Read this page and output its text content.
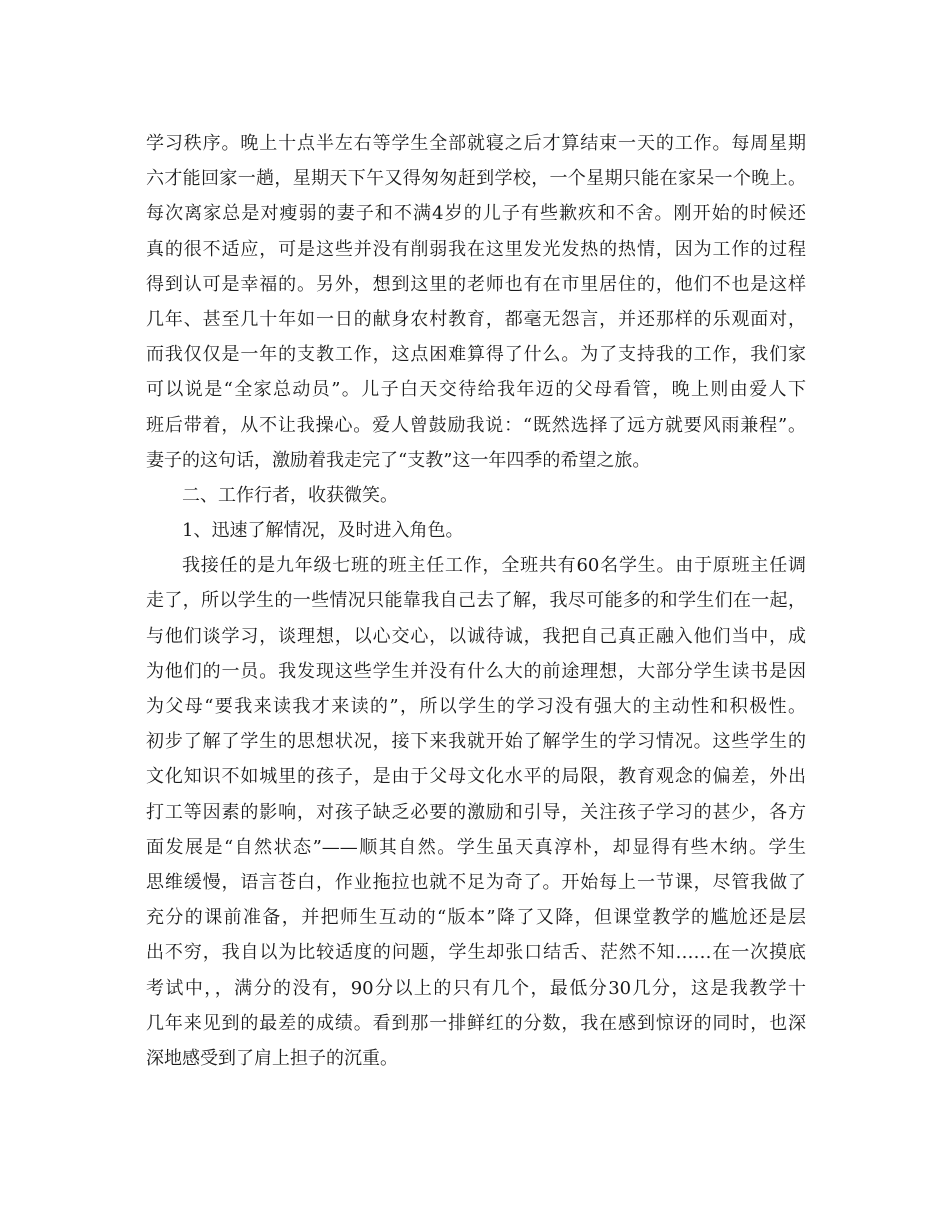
学习秩序。晚上十点半左右等学生全部就寝之后才算结束一天的工作。每周星期
六才能回家一趟，星期天下午又得匆匆赶到学校，一个星期只能在家呆一个晚上。
每次离家总是对瘦弱的妻子和不满4岁的儿子有些歉疚和不舍。刚开始的时候还
真的很不适应，可是这些并没有削弱我在这里发光发热的热情，因为工作的过程
得到认可是幸福的。另外，想到这里的老师也有在市里居住的，他们不也是这样
几年、甚至几十年如一日的献身农村教育，都毫无怨言，并还那样的乐观面对，
而我仅仅是一年的支教工作，这点困难算得了什么。为了支持我的工作，我们家
可以说是“全家总动员”。儿子白天交待给我年迈的父母看管，晚上则由爱人下
班后带着，从不让我操心。爱人曾鼓励我说：“既然选择了远方就要风雨兼程”。
妻子的这句话，激励着我走完了“支教”这一年四季的希望之旅。
二、工作行者，收获微笑。
1、迅速了解情况，及时进入角色。
我接任的是九年级七班的班主任工作，全班共有60名学生。由于原班主任调
走了，所以学生的一些情况只能靠我自己去了解，我尽可能多的和学生们在一起，
与他们谈学习，谈理想，以心交心，以诚待诚，我把自己真正融入他们当中，成
为他们的一员。我发现这些学生并没有什么大的前途理想，大部分学生读书是因
为父母“要我来读我才来读的”，所以学生的学习没有强大的主动性和积极性。
初步了解了学生的思想状况，接下来我就开始了解学生的学习情况。这些学生的
文化知识不如城里的孩子，是由于父母文化水平的局限，教育观念的偏差，外出
打工等因素的影响，对孩子缺乏必要的激励和引导，关注孩子学习的甚少，各方
面发展是“自然状态”——顺其自然。学生虽天真淳朴，却显得有些木纳。学生
思维缓慢，语言苍白，作业拖拉也就不足为奇了。开始每上一节课，尽管我做了
充分的课前准备，并把师生互动的“版本”降了又降，但课堂教学的尴尬还是层
出不穷，我自以为比较适度的问题，学生却张口结舌、茫然不知……在一次摸底
考试中，，满分的没有，90分以上的只有几个，最低分30几分，这是我教学十
几年来见到的最差的成绩。看到那一排鲜红的分数，我在感到惊讶的同时，也深
深地感受到了肩上担子的沉重。
